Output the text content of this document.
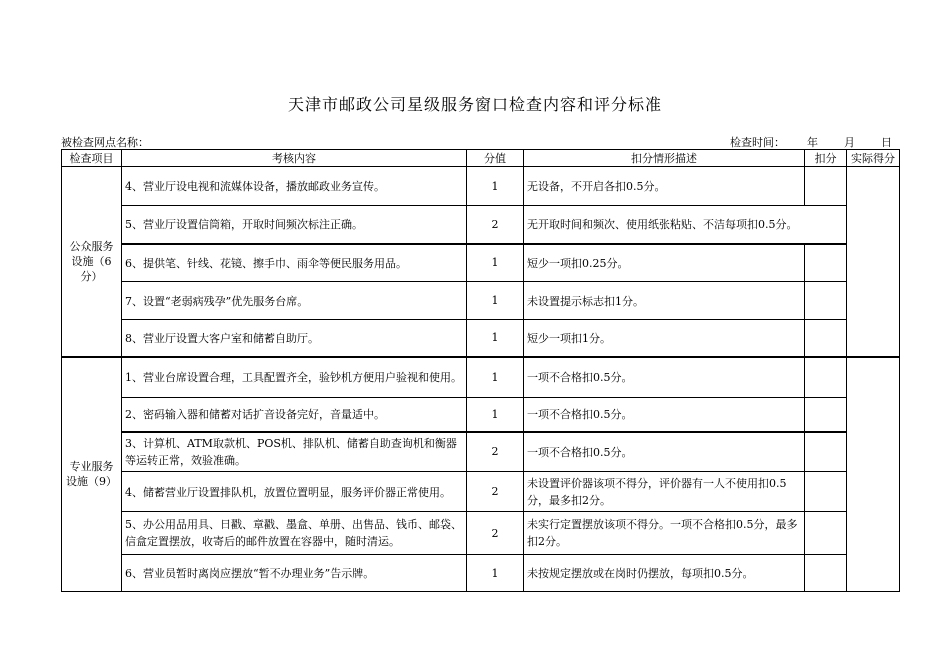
天津市邮政公司星级服务窗口检查内容和评分标准
被检查网点名称：	检查时间： 年 月 日
检查项目	考核内容	分值	扣分情形描述	扣分	实际得分
公众服务设施（6分）	4、营业厅设电视和流媒体设备，播放邮政业务宣传。	1	无设备，不开启各扣0.5分。		
	5、营业厅设置信筒箱，开取时间频次标注正确。	2	无开取时间和频次、使用纸张粘贴、不洁每项扣0.5分。		
	6、提供笔、针线、花镜、擦手巾、雨伞等便民服务用品。	1	短少一项扣0.25分。		
	7、设置“老弱病残孕”优先服务台席。	1	未设置提示标志扣1分。		
	8、营业厅设置大客户室和储蓄自助厅。	1	短少一项扣1分。		
专业服务设施（9）	1、营业台席设置合理，工具配置齐全，验钞机方便用户验视和使用。	1	一项不合格扣0.5分。		
	2、密码输入器和储蓄对话扩音设备完好，音量适中。	1	一项不合格扣0.5分。		
	3、计算机、ATM取款机、POS机、排队机、储蓄自助查询机和衡器等运转正常，效验准确。	2	一项不合格扣0.5分。		
	4、储蓄营业厅设置排队机，放置位置明显，服务评价器正常使用。	2	未设置评价器该项不得分，评价器有一人不使用扣0.5分，最多扣2分。		
	5、办公用品用具、日戳、章戳、墨盒、单册、出售品、钱币、邮袋、信盒定置摆放，收寄后的邮件放置在容器中，随时清运。	2	未实行定置摆放该项不得分。一项不合格扣0.5分，最多扣2分。		
	6、营业员暂时离岗应摆放“暂不办理业务”告示牌。	1	未按规定摆放或在岗时仍摆放，每项扣0.5分。		
